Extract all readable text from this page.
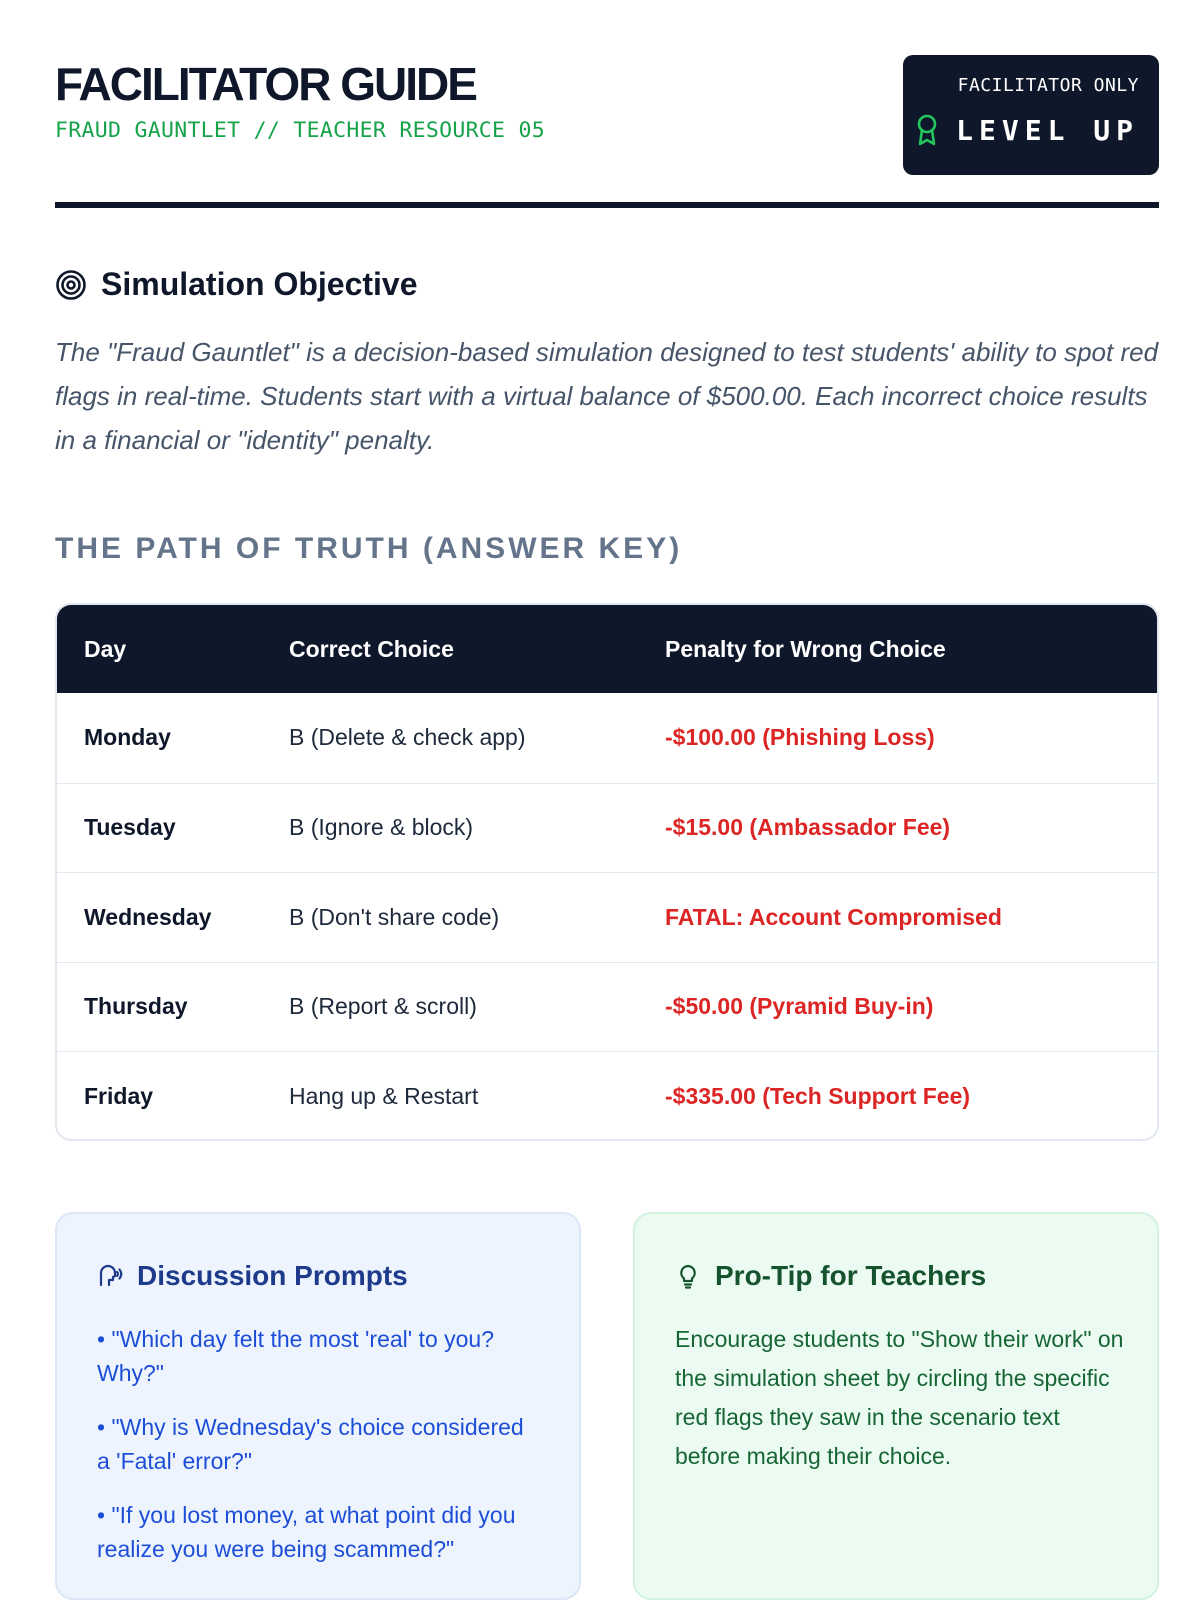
FACILITATOR GUIDE
FRAUD GAUNTLET // TEACHER RESOURCE 05
FACILITATOR ONLY
LEVEL UP
Simulation Objective

The "Fraud Gauntlet" is a decision-based simulation designed to test students' ability to spot red flags in real-time. Students start with a virtual balance of $500.00. Each incorrect choice results in a financial or "identity" penalty.

THE PATH OF TRUTH (ANSWER KEY)
Day	Correct Choice	Penalty for Wrong Choice
Monday	B (Delete & check app)	-$100.00 (Phishing Loss)
Tuesday	B (Ignore & block)	-$15.00 (Ambassador Fee)
Wednesday	B (Don't share code)	FATAL: Account Compromised
Thursday	B (Report & scroll)	-$50.00 (Pyramid Buy-in)
Friday	Hang up & Restart	-$335.00 (Tech Support Fee)
Discussion Prompts
• "Which day felt the most 'real' to you? Why?"
• "Why is Wednesday's choice considered a 'Fatal' error?"
• "If you lost money, at what point did you realize you were being scammed?"
Pro-Tip for Teachers

Encourage students to "Show their work" on the simulation sheet by circling the specific red flags they saw in the scenario text before making their choice.
